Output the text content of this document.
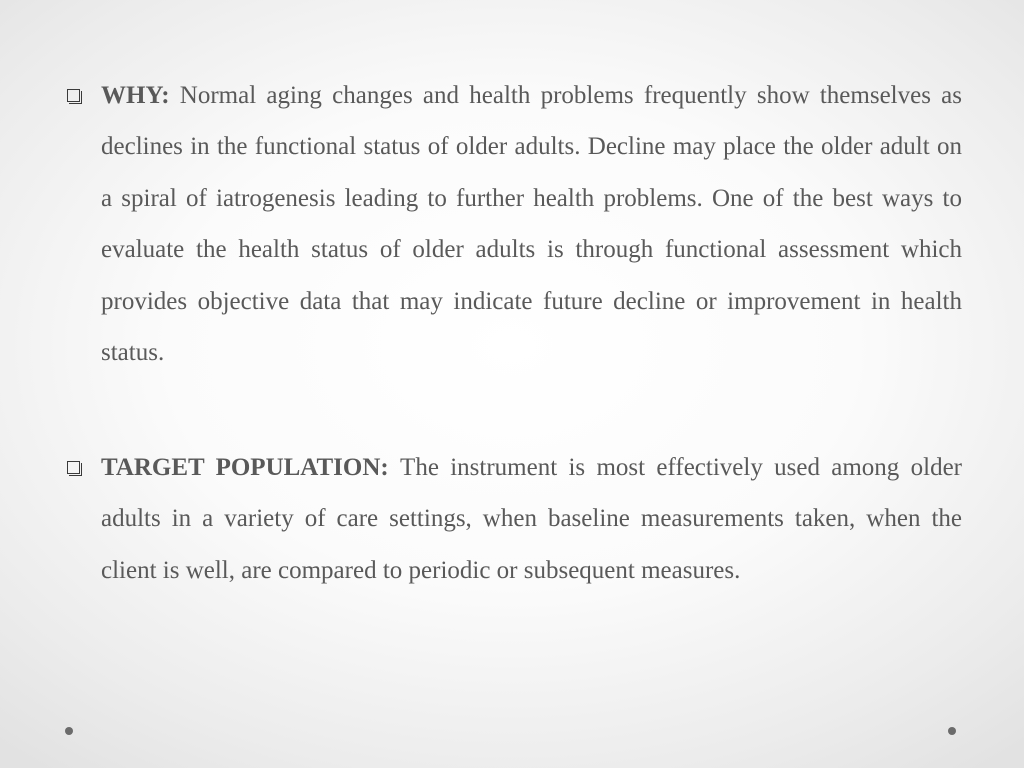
WHY: Normal aging changes and health problems frequently show themselves as declines in the functional status of older adults. Decline may place the older adult on a spiral of iatrogenesis leading to further health problems. One of the best ways to evaluate the health status of older adults is through functional assessment which provides objective data that may indicate future decline or improvement in health status.

TARGET POPULATION: The instrument is most effectively used among older adults in a variety of care settings, when baseline measurements taken, when the client is well, are compared to periodic or subsequent measures.
